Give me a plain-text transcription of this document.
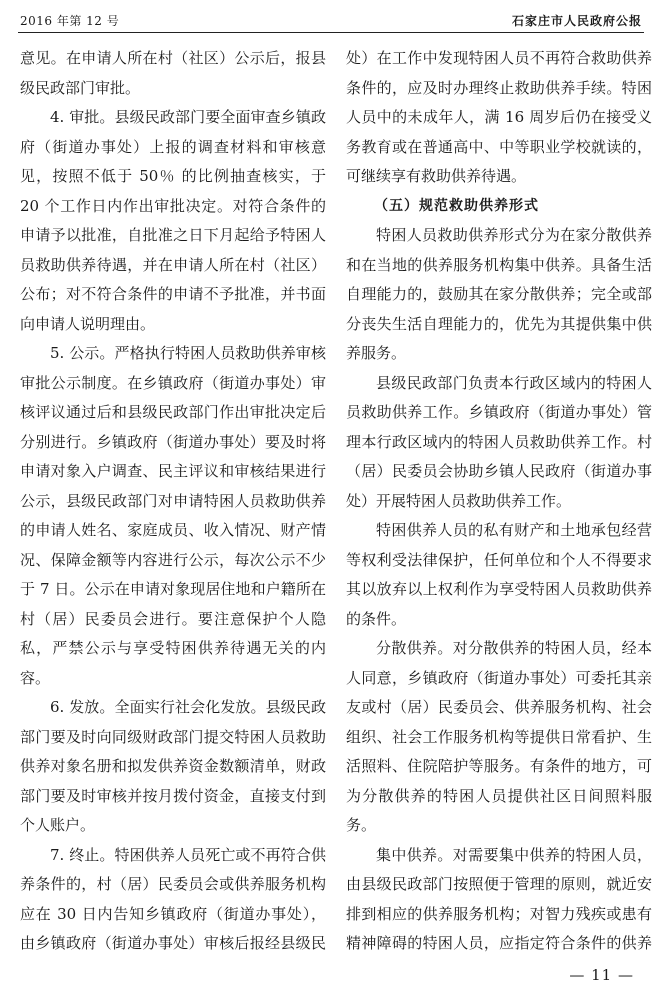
2016 年第 12 号	石家庄市人民政府公报

意见。在申请人所在村（社区）公示后，报县级民政部门审批。

4. 审批。县级民政部门要全面审查乡镇政府（街道办事处）上报的调查材料和审核意见，按照不低于 50％ 的比例抽查核实，于 20 个工作日内作出审批决定。对符合条件的申请予以批准，自批准之日下月起给予特困人员救助供养待遇，并在申请人所在村（社区）公布；对不符合条件的申请不予批准，并书面向申请人说明理由。

5. 公示。严格执行特困人员救助供养审核审批公示制度。在乡镇政府（街道办事处）审核评议通过后和县级民政部门作出审批决定后分别进行。乡镇政府（街道办事处）要及时将申请对象入户调查、民主评议和审核结果进行公示，县级民政部门对申请特困人员救助供养的申请人姓名、家庭成员、收入情况、财产情况、保障金额等内容进行公示，每次公示不少于 7 日。公示在申请对象现居住地和户籍所在村（居）民委员会进行。要注意保护个人隐私，严禁公示与享受特困供养待遇无关的内容。

6. 发放。全面实行社会化发放。县级民政部门要及时向同级财政部门提交特困人员救助供养对象名册和拟发供养资金数额清单，财政部门要及时审核并按月拨付资金，直接支付到个人账户。

7. 终止。特困供养人员死亡或不再符合供养条件的，村（居）民委员会或供养服务机构应在 30 日内告知乡镇政府（街道办事处），由乡镇政府（街道办事处）审核后报经县级民

处）在工作中发现特困人员不再符合救助供养条件的，应及时办理终止救助供养手续。特困人员中的未成年人，满 16 周岁后仍在接受义务教育或在普通高中、中等职业学校就读的，可继续享有救助供养待遇。

（五）规范救助供养形式

特困人员救助供养形式分为在家分散供养和在当地的供养服务机构集中供养。具备生活自理能力的，鼓励其在家分散供养；完全或部分丧失生活自理能力的，优先为其提供集中供养服务。

县级民政部门负责本行政区域内的特困人员救助供养工作。乡镇政府（街道办事处）管理本行政区域内的特困人员救助供养工作。村（居）民委员会协助乡镇人民政府（街道办事处）开展特困人员救助供养工作。

特困供养人员的私有财产和土地承包经营等权利受法律保护，任何单位和个人不得要求其以放弃以上权利作为享受特困人员救助供养的条件。

分散供养。对分散供养的特困人员，经本人同意，乡镇政府（街道办事处）可委托其亲友或村（居）民委员会、供养服务机构、社会组织、社会工作服务机构等提供日常看护、生活照料、住院陪护等服务。有条件的地方，可为分散供养的特困人员提供社区日间照料服务。

集中供养。对需要集中供养的特困人员，由县级民政部门按照便于管理的原则，就近安排到相应的供养服务机构；对智力残疾或患有精神障碍的特困人员，应指定符合条件的供养

— 11 —
